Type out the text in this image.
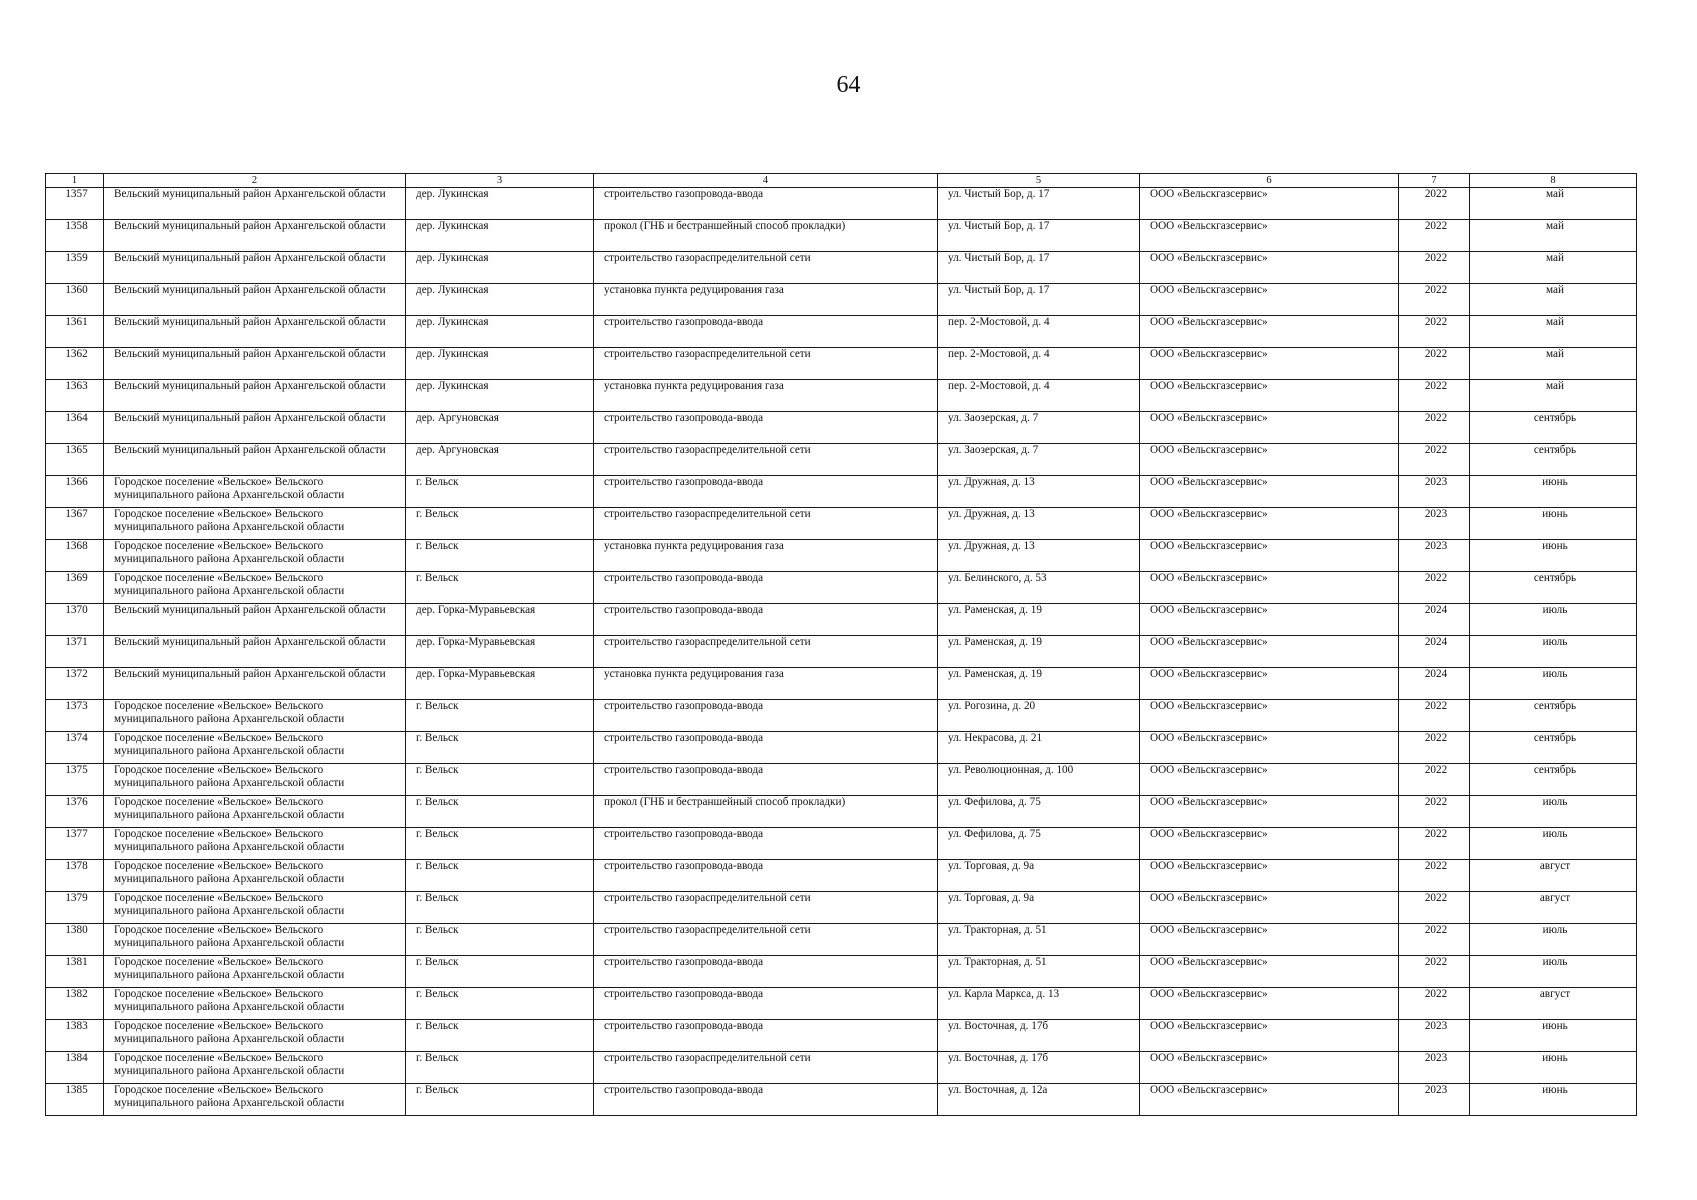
64
1	2	3	4	5	6	7	8
1357	Вельский муниципальный район Архангельской области	дер. Лукинская	строительство газопровода-ввода	ул. Чистый Бор, д. 17	ООО «Вельскгазсервис»	2022	май
1358	Вельский муниципальный район Архангельской области	дер. Лукинская	прокол (ГНБ и бестраншейный способ прокладки)	ул. Чистый Бор, д. 17	ООО «Вельскгазсервис»	2022	май
1359	Вельский муниципальный район Архангельской области	дер. Лукинская	строительство газораспределительной сети	ул. Чистый Бор, д. 17	ООО «Вельскгазсервис»	2022	май
1360	Вельский муниципальный район Архангельской области	дер. Лукинская	установка пункта редуцирования газа	ул. Чистый Бор, д. 17	ООО «Вельскгазсервис»	2022	май
1361	Вельский муниципальный район Архангельской области	дер. Лукинская	строительство газопровода-ввода	пер. 2-Мостовой, д. 4	ООО «Вельскгазсервис»	2022	май
1362	Вельский муниципальный район Архангельской области	дер. Лукинская	строительство газораспределительной сети	пер. 2-Мостовой, д. 4	ООО «Вельскгазсервис»	2022	май
1363	Вельский муниципальный район Архангельской области	дер. Лукинская	установка пункта редуцирования газа	пер. 2-Мостовой, д. 4	ООО «Вельскгазсервис»	2022	май
1364	Вельский муниципальный район Архангельской области	дер. Аргуновская	строительство газопровода-ввода	ул. Заозерская, д. 7	ООО «Вельскгазсервис»	2022	сентябрь
1365	Вельский муниципальный район Архангельской области	дер. Аргуновская	строительство газораспределительной сети	ул. Заозерская, д. 7	ООО «Вельскгазсервис»	2022	сентябрь
1366	Городское поселение «Вельское» Вельского муниципального района Архангельской области	г. Вельск	строительство газопровода-ввода	ул. Дружная, д. 13	ООО «Вельскгазсервис»	2023	июнь
1367	Городское поселение «Вельское» Вельского муниципального района Архангельской области	г. Вельск	строительство газораспределительной сети	ул. Дружная, д. 13	ООО «Вельскгазсервис»	2023	июнь
1368	Городское поселение «Вельское» Вельского муниципального района Архангельской области	г. Вельск	установка пункта редуцирования газа	ул. Дружная, д. 13	ООО «Вельскгазсервис»	2023	июнь
1369	Городское поселение «Вельское» Вельского муниципального района Архангельской области	г. Вельск	строительство газопровода-ввода	ул. Белинского, д. 53	ООО «Вельскгазсервис»	2022	сентябрь
1370	Вельский муниципальный район Архангельской области	дер. Горка-Муравьевская	строительство газопровода-ввода	ул. Раменская, д. 19	ООО «Вельскгазсервис»	2024	июль
1371	Вельский муниципальный район Архангельской области	дер. Горка-Муравьевская	строительство газораспределительной сети	ул. Раменская, д. 19	ООО «Вельскгазсервис»	2024	июль
1372	Вельский муниципальный район Архангельской области	дер. Горка-Муравьевская	установка пункта редуцирования газа	ул. Раменская, д. 19	ООО «Вельскгазсервис»	2024	июль
1373	Городское поселение «Вельское» Вельского муниципального района Архангельской области	г. Вельск	строительство газопровода-ввода	ул. Рогозина, д. 20	ООО «Вельскгазсервис»	2022	сентябрь
1374	Городское поселение «Вельское» Вельского муниципального района Архангельской области	г. Вельск	строительство газопровода-ввода	ул. Некрасова, д. 21	ООО «Вельскгазсервис»	2022	сентябрь
1375	Городское поселение «Вельское» Вельского муниципального района Архангельской области	г. Вельск	строительство газопровода-ввода	ул. Революционная, д. 100	ООО «Вельскгазсервис»	2022	сентябрь
1376	Городское поселение «Вельское» Вельского муниципального района Архангельской области	г. Вельск	прокол (ГНБ и бестраншейный способ прокладки)	ул. Фефилова, д. 75	ООО «Вельскгазсервис»	2022	июль
1377	Городское поселение «Вельское» Вельского муниципального района Архангельской области	г. Вельск	строительство газопровода-ввода	ул. Фефилова, д. 75	ООО «Вельскгазсервис»	2022	июль
1378	Городское поселение «Вельское» Вельского муниципального района Архангельской области	г. Вельск	строительство газопровода-ввода	ул. Торговая, д. 9а	ООО «Вельскгазсервис»	2022	август
1379	Городское поселение «Вельское» Вельского муниципального района Архангельской области	г. Вельск	строительство газораспределительной сети	ул. Торговая, д. 9а	ООО «Вельскгазсервис»	2022	август
1380	Городское поселение «Вельское» Вельского муниципального района Архангельской области	г. Вельск	строительство газораспределительной сети	ул. Тракторная, д. 51	ООО «Вельскгазсервис»	2022	июль
1381	Городское поселение «Вельское» Вельского муниципального района Архангельской области	г. Вельск	строительство газопровода-ввода	ул. Тракторная, д. 51	ООО «Вельскгазсервис»	2022	июль
1382	Городское поселение «Вельское» Вельского муниципального района Архангельской области	г. Вельск	строительство газопровода-ввода	ул. Карла Маркса, д. 13	ООО «Вельскгазсервис»	2022	август
1383	Городское поселение «Вельское» Вельского муниципального района Архангельской области	г. Вельск	строительство газопровода-ввода	ул. Восточная, д. 17б	ООО «Вельскгазсервис»	2023	июнь
1384	Городское поселение «Вельское» Вельского муниципального района Архангельской области	г. Вельск	строительство газораспределительной сети	ул. Восточная, д. 17б	ООО «Вельскгазсервис»	2023	июнь
1385	Городское поселение «Вельское» Вельского муниципального района Архангельской области	г. Вельск	строительство газопровода-ввода	ул. Восточная, д. 12а	ООО «Вельскгазсервис»	2023	июнь
